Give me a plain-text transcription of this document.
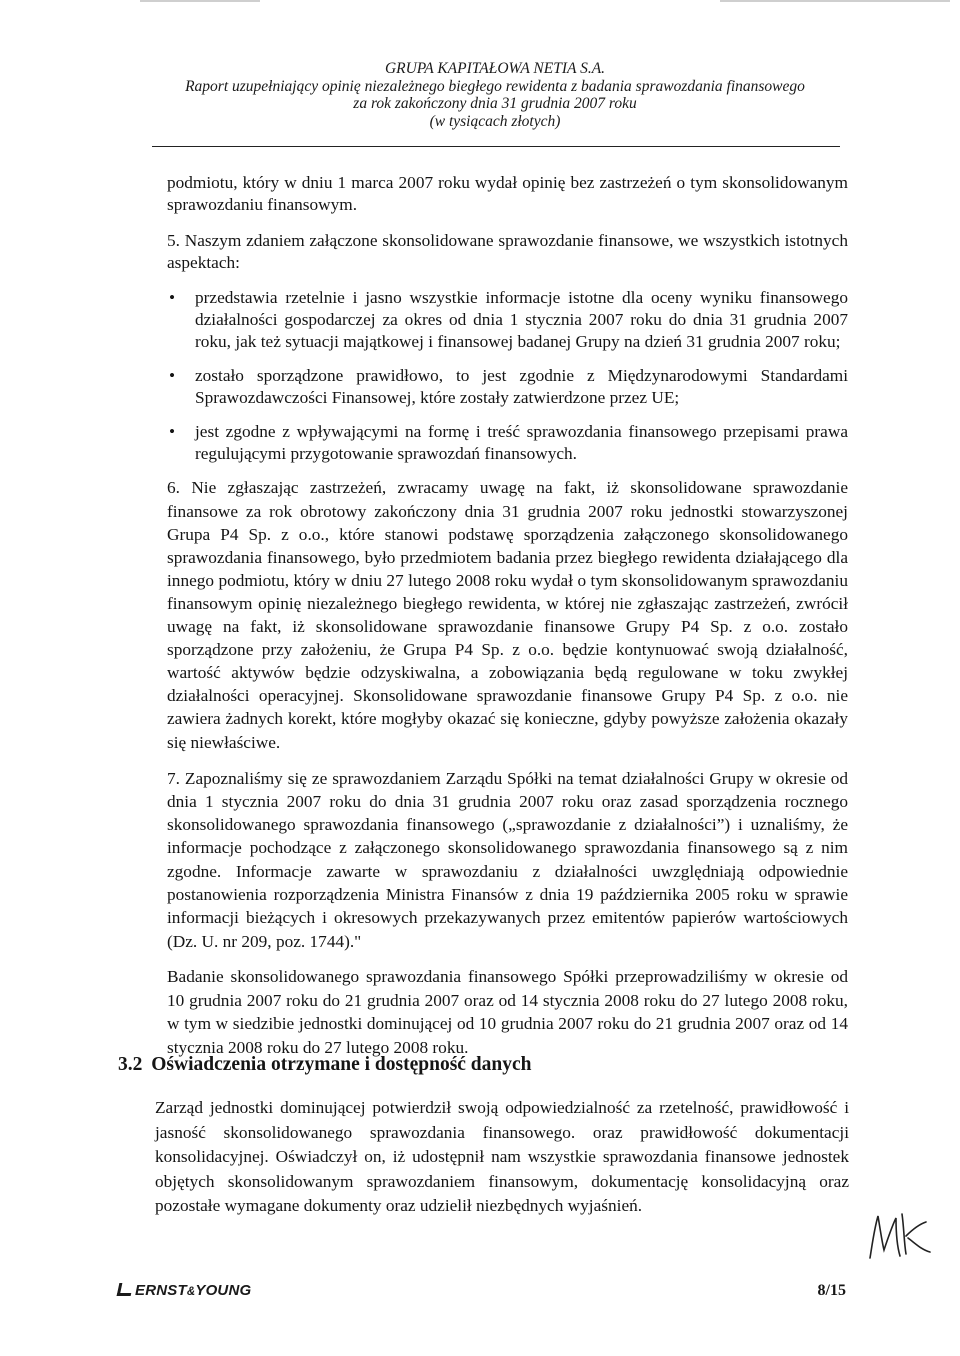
GRUPA KAPITAŁOWA NETIA S.A.
Raport uzupełniający opinię niezależnego biegłego rewidenta z badania sprawozdania finansowego
za rok zakończony dnia 31 grudnia 2007 roku
(w tysiącach złotych)

podmiotu, który w dniu 1 marca 2007 roku wydał opinię bez zastrzeżeń o tym skonsolidowanym sprawozdaniu finansowym.

5. Naszym zdaniem załączone skonsolidowane sprawozdanie finansowe, we wszystkich istotnych aspektach:

• przedstawia rzetelnie i jasno wszystkie informacje istotne dla oceny wyniku finansowego działalności gospodarczej za okres od dnia 1 stycznia 2007 roku do dnia 31 grudnia 2007 roku, jak też sytuacji majątkowej i finansowej badanej Grupy na dzień 31 grudnia 2007 roku;

• zostało sporządzone prawidłowo, to jest zgodnie z Międzynarodowymi Standardami Sprawozdawczości Finansowej, które zostały zatwierdzone przez UE;

• jest zgodne z wpływającymi na formę i treść sprawozdania finansowego przepisami prawa regulującymi przygotowanie sprawozdań finansowych.

6. Nie zgłaszając zastrzeżeń, zwracamy uwagę na fakt, iż skonsolidowane sprawozdanie finansowe za rok obrotowy zakończony dnia 31 grudnia 2007 roku jednostki stowarzyszonej Grupa P4 Sp. z o.o., które stanowi podstawę sporządzenia załączonego skonsolidowanego sprawozdania finansowego, było przedmiotem badania przez biegłego rewidenta działającego dla innego podmiotu, który w dniu 27 lutego 2008 roku wydał o tym skonsolidowanym sprawozdaniu finansowym opinię niezależnego biegłego rewidenta, w której nie zgłaszając zastrzeżeń, zwrócił uwagę na fakt, iż skonsolidowane sprawozdanie finansowe Grupy P4 Sp. z o.o. zostało sporządzone przy założeniu, że Grupa P4 Sp. z o.o. będzie kontynuować swoją działalność, wartość aktywów będzie odzyskiwalna, a zobowiązania będą regulowane w toku zwykłej działalności operacyjnej. Skonsolidowane sprawozdanie finansowe Grupy P4 Sp. z o.o. nie zawiera żadnych korekt, które mogłyby okazać się konieczne, gdyby powyższe założenia okazały się niewłaściwe.

7. Zapoznaliśmy się ze sprawozdaniem Zarządu Spółki na temat działalności Grupy w okresie od dnia 1 stycznia 2007 roku do dnia 31 grudnia 2007 roku oraz zasad sporządzenia rocznego skonsolidowanego sprawozdania finansowego („sprawozdanie z działalności”) i uznaliśmy, że informacje pochodzące z załączonego skonsolidowanego sprawozdania finansowego są z nim zgodne. Informacje zawarte w sprawozdaniu z działalności uwzględniają odpowiednie postanowienia rozporządzenia Ministra Finansów z dnia 19 października 2005 roku w sprawie informacji bieżących i okresowych przekazywanych przez emitentów papierów wartościowych (Dz. U. nr 209, poz. 1744)."

Badanie skonsolidowanego sprawozdania finansowego Spółki przeprowadziliśmy w okresie od 10 grudnia 2007 roku do 21 grudnia 2007 oraz od 14 stycznia 2008 roku do 27 lutego 2008 roku, w tym w siedzibie jednostki dominującej od 10 grudnia 2007 roku do 21 grudnia 2007 oraz od 14 stycznia 2008 roku do 27 lutego 2008 roku.

3.2 Oświadczenia otrzymane i dostępność danych

Zarząd jednostki dominującej potwierdził swoją odpowiedzialność za rzetelność, prawidłowość i jasność skonsolidowanego sprawozdania finansowego. oraz prawidłowość dokumentacji konsolidacyjnej. Oświadczył on, iż udostępnił nam wszystkie sprawozdania finansowe jednostek objętych skonsolidowanym sprawozdaniem finansowym, dokumentację konsolidacyjną oraz pozostałe wymagane dokumenty oraz udzielił niezbędnych wyjaśnień.

ERNST&YOUNG	8/15
